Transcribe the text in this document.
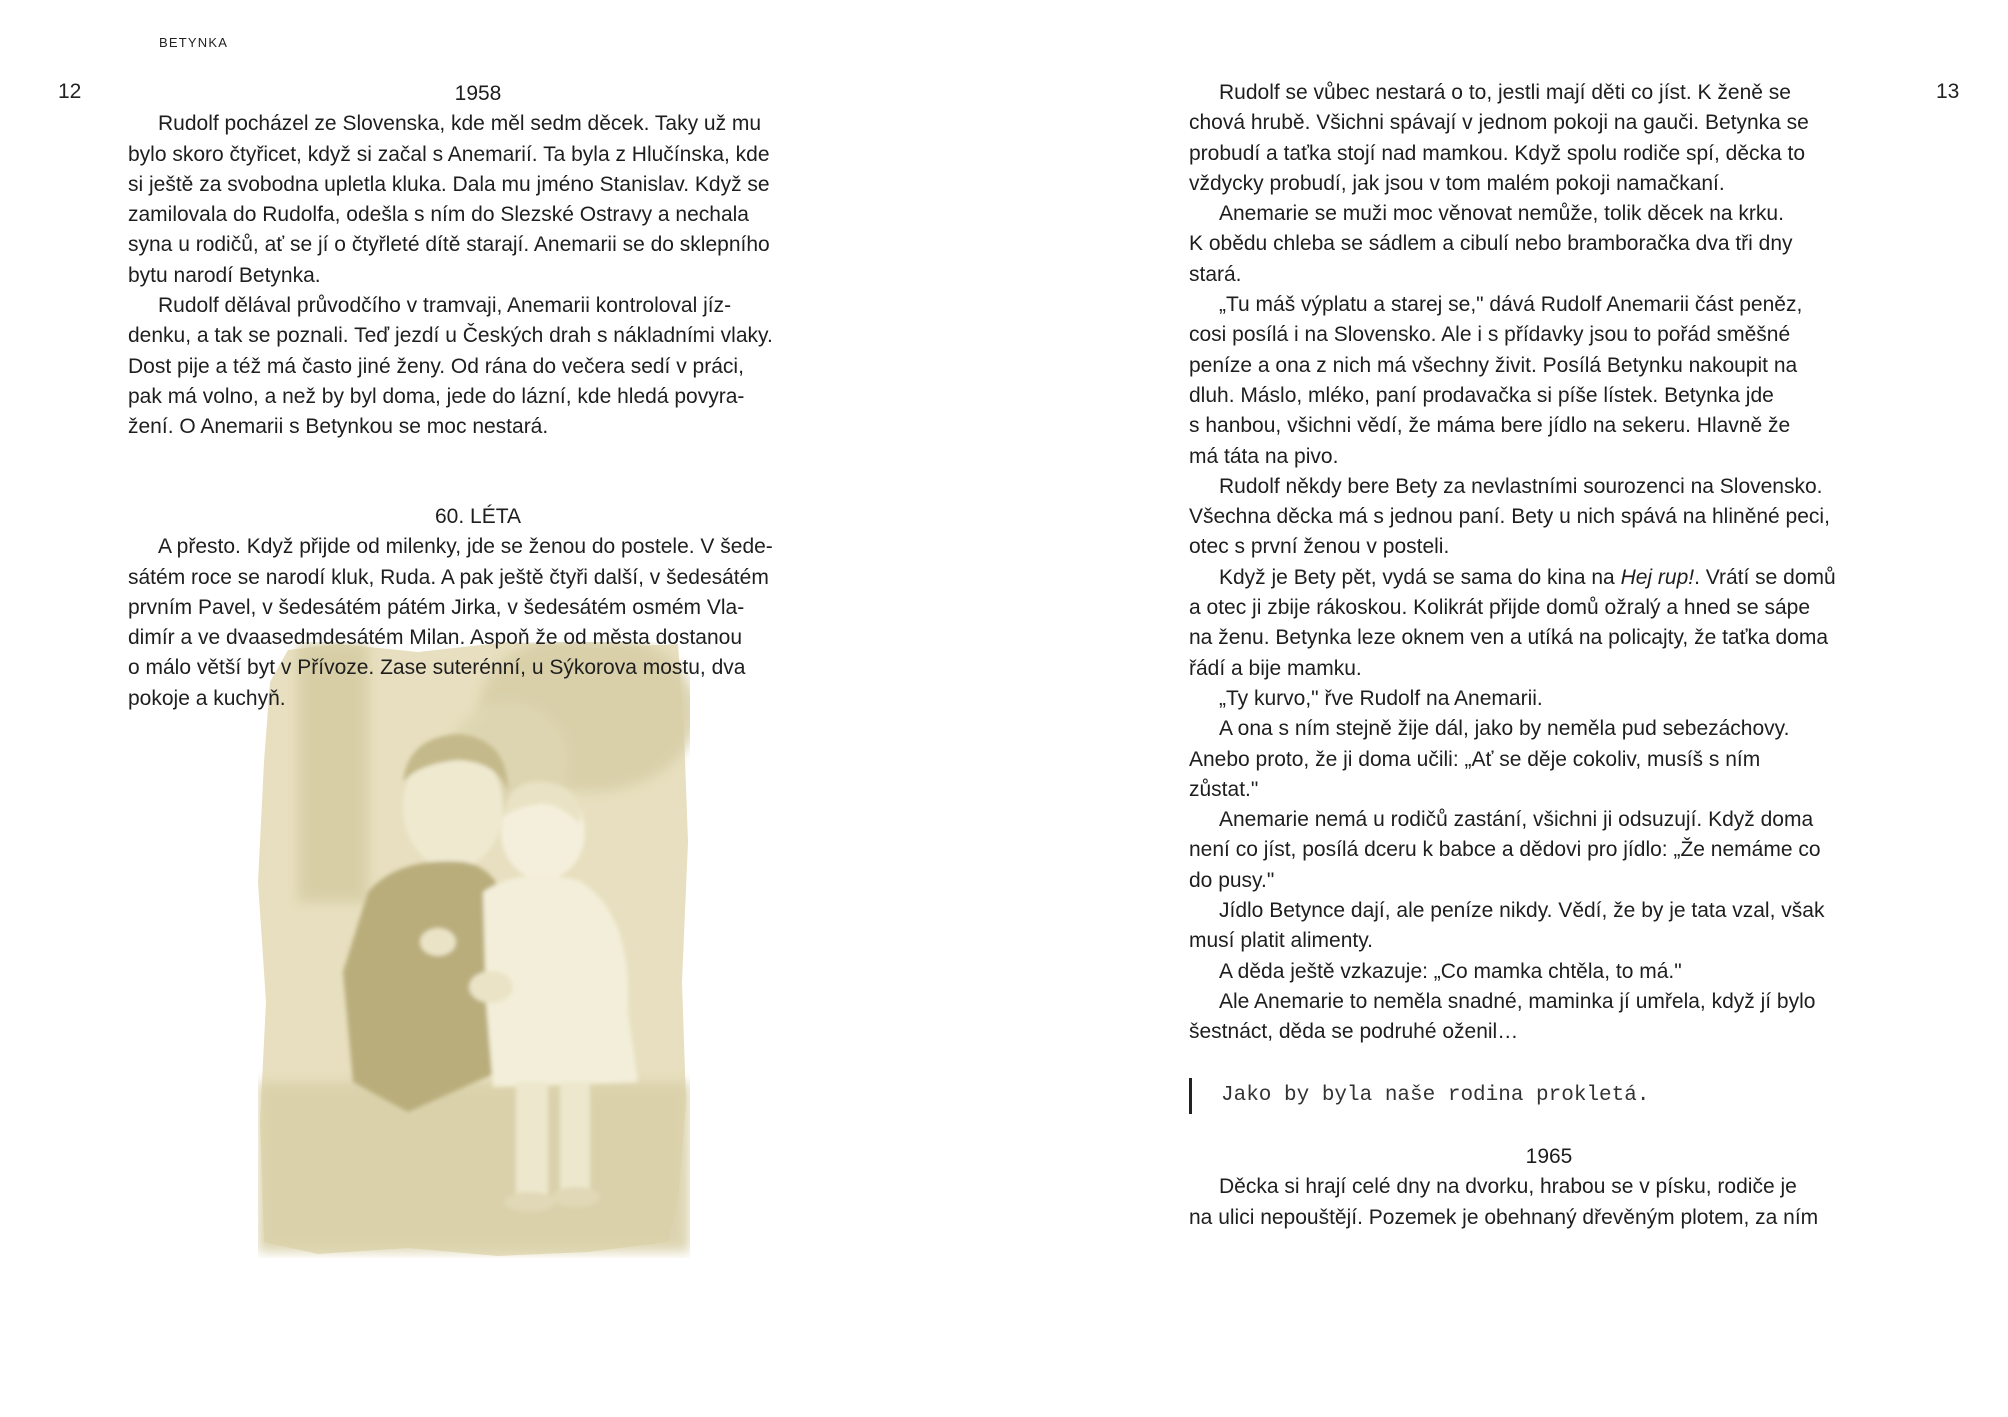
BETYNKA
12	13
1958
Rudolf pocházel ze Slovenska, kde měl sedm děcek. Taky už mu
bylo skoro čtyřicet, když si začal s Anemarií. Ta byla z Hlučínska, kde
si ještě za svobodna upletla kluka. Dala mu jméno Stanislav. Když se
zamilovala do Rudolfa, odešla s ním do Slezské Ostravy a nechala
syna u rodičů, ať se jí o čtyřleté dítě starají. Anemarii se do sklepního
bytu narodí Betynka.
Rudolf dělával průvodčího v tramvaji, Anemarii kontroloval jíz-
denku, a tak se poznali. Teď jezdí u Českých drah s nákladními vlaky.
Dost pije a též má často jiné ženy. Od rána do večera sedí v práci,
pak má volno, a než by byl doma, jede do lázní, kde hledá povyra-
žení. O Anemarii s Betynkou se moc nestará.
60. LÉTA
A přesto. Když přijde od milenky, jde se ženou do postele. V šede-
sátém roce se narodí kluk, Ruda. A pak ještě čtyři další, v šedesátém
prvním Pavel, v šedesátém pátém Jirka, v šedesátém osmém Vla-
dimír a ve dvaasedmdesátém Milan. Aspoň že od města dostanou
o málo větší byt v Přívoze. Zase suterénní, u Sýkorova mostu, dva
pokoje a kuchyň.
Rudolf se vůbec nestará o to, jestli mají děti co jíst. K ženě se
chová hrubě. Všichni spávají v jednom pokoji na gauči. Betynka se
probudí a taťka stojí nad mamkou. Když spolu rodiče spí, děcka to
vždycky probudí, jak jsou v tom malém pokoji namačkaní.
Anemarie se muži moc věnovat nemůže, tolik děcek na krku.
K obědu chleba se sádlem a cibulí nebo bramboračka dva tři dny
stará.
„Tu máš výplatu a starej se," dává Rudolf Anemarii část peněz,
cosi posílá i na Slovensko. Ale i s přídavky jsou to pořád směšné
peníze a ona z nich má všechny živit. Posílá Betynku nakoupit na
dluh. Máslo, mléko, paní prodavačka si píše lístek. Betynka jde
s hanbou, všichni vědí, že máma bere jídlo na sekeru. Hlavně že
má táta na pivo.
Rudolf někdy bere Bety za nevlastními sourozenci na Slovensko.
Všechna děcka má s jednou paní. Bety u nich spává na hliněné peci,
otec s první ženou v posteli.
Když je Bety pět, vydá se sama do kina na Hej rup!. Vrátí se domů
a otec ji zbije rákoskou. Kolikrát přijde domů ožralý a hned se sápe
na ženu. Betynka leze oknem ven a utíká na policajty, že taťka doma
řádí a bije mamku.
„Ty kurvo," řve Rudolf na Anemarii.
A ona s ním stejně žije dál, jako by neměla pud sebezáchovy.
Anebo proto, že ji doma učili: „Ať se děje cokoliv, musíš s ním
zůstat."
Anemarie nemá u rodičů zastání, všichni ji odsuzují. Když doma
není co jíst, posílá dceru k babce a dědovi pro jídlo: „Že nemáme co
do pusy."
Jídlo Betynce dají, ale peníze nikdy. Vědí, že by je tata vzal, však
musí platit alimenty.
A děda ještě vzkazuje: „Co mamka chtěla, to má."
Ale Anemarie to neměla snadné, maminka jí umřela, když jí bylo
šestnáct, děda se podruhé oženil…
Jako by byla naše rodina prokletá.
1965
Děcka si hrají celé dny na dvorku, hrabou se v písku, rodiče je
na ulici nepouštějí. Pozemek je obehnaný dřevěným plotem, za ním
